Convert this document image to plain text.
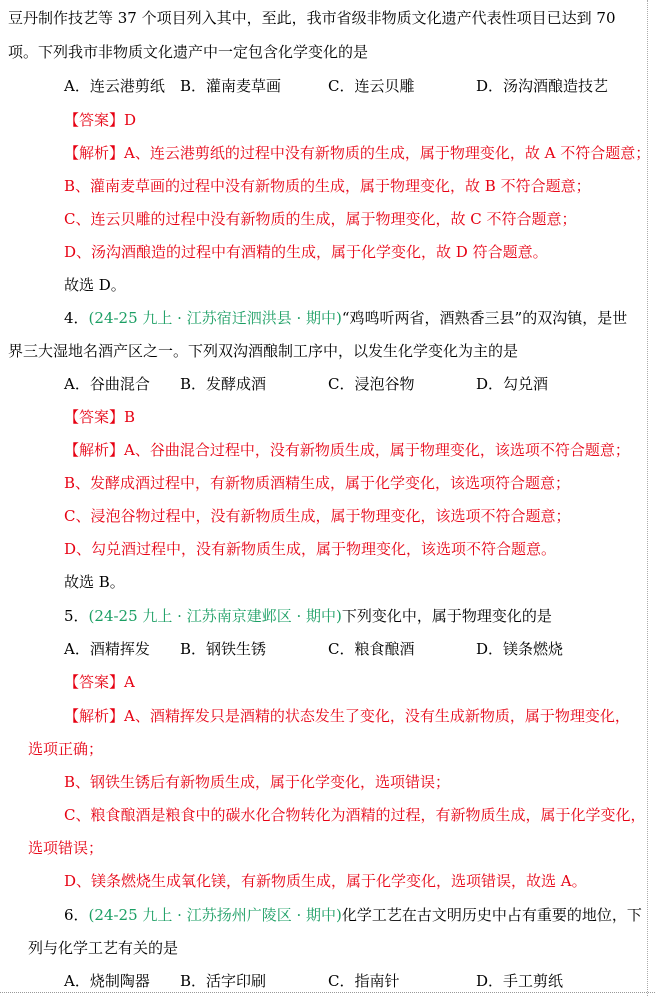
豆丹制作技艺等 37 个项目列入其中，至此，我市省级非物质文化遗产代表性项目已达到 70
项。下列我市非物质文化遗产中一定包含化学变化的是
A．连云港剪纸 B．灌南麦草画	C．连云贝雕	D．汤沟酒酿造技艺
【答案】D
【解析】A、连云港剪纸的过程中没有新物质的生成，属于物理变化，故 A 不符合题意；
B、灌南麦草画的过程中没有新物质的生成，属于物理变化，故 B 不符合题意；
C、连云贝雕的过程中没有新物质的生成，属于物理变化，故 C 不符合题意；
D、汤沟酒酿造的过程中有酒精的生成，属于化学变化，故 D 符合题意。
故选 D。
4．(24-25 九上 · 江苏宿迁泗洪县 · 期中)“鸡鸣听两省，酒熟香三县”的双沟镇，是世
界三大湿地名酒产区之一。下列双沟酒酿制工序中，以发生化学变化为主的是
A．谷曲混合 B．发酵成酒	C．浸泡谷物	D．勾兑酒
【答案】B
【解析】A、谷曲混合过程中，没有新物质生成，属于物理变化，该选项不符合题意；
B、发酵成酒过程中，有新物质酒精生成，属于化学变化，该选项符合题意；
C、浸泡谷物过程中，没有新物质生成，属于物理变化，该选项不符合题意；
D、勾兑酒过程中，没有新物质生成，属于物理变化，该选项不符合题意。
故选 B。
5．(24-25 九上 · 江苏南京建邺区 · 期中)下列变化中，属于物理变化的是
A．酒精挥发 B．钢铁生锈	C．粮食酿酒	D．镁条燃烧
【答案】A
【解析】A、酒精挥发只是酒精的状态发生了变化，没有生成新物质，属于物理变化，
选项正确；
B、钢铁生锈后有新物质生成，属于化学变化，选项错误；
C、粮食酿酒是粮食中的碳水化合物转化为酒精的过程，有新物质生成，属于化学变化，
选项错误；
D、镁条燃烧生成氧化镁，有新物质生成，属于化学变化，选项错误，故选 A。
6．(24-25 九上 · 江苏扬州广陵区 · 期中)化学工艺在古文明历史中占有重要的地位，下
列与化学工艺有关的是
A．烧制陶器 B．活字印刷	C．指南针	D．手工剪纸
